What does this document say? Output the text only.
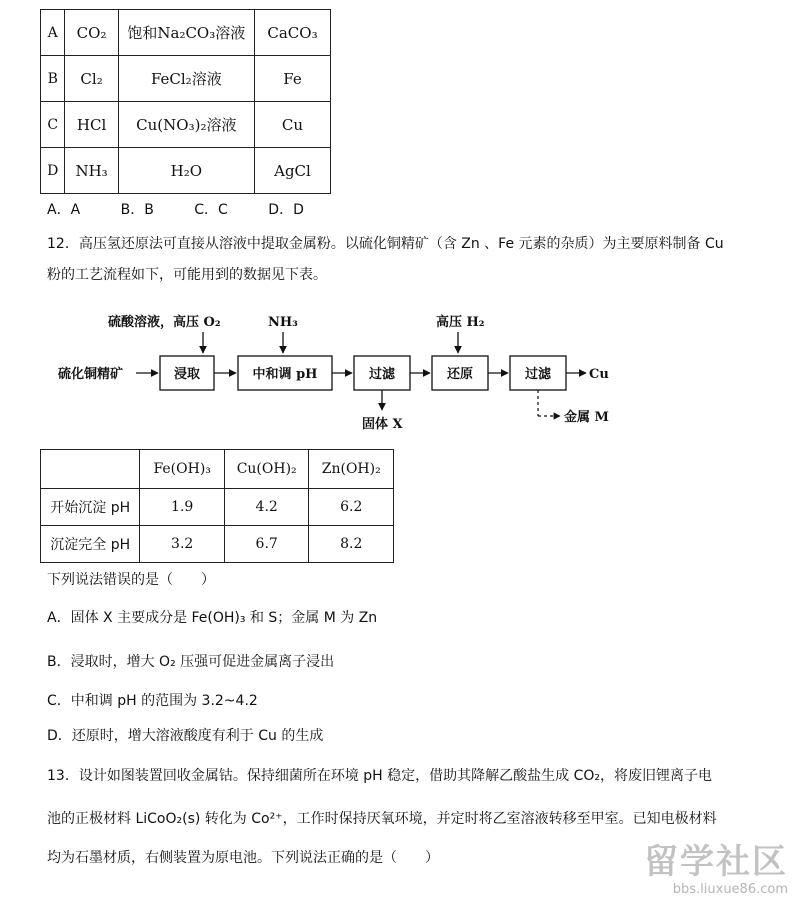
A	CO₂	饱和Na₂CO₃溶液	CaCO₃
B	Cl₂	FeCl₂溶液	Fe
C	HCl	Cu(NO₃)₂溶液	Cu
D	NH₃	H₂O	AgCl
A．A	B．B	C．C	D．D
12．高压氢还原法可直接从溶液中提取金属粉。以硫化铜精矿（含 Zn 、Fe 元素的杂质）为主要原料制备 Cu
粉的工艺流程如下，可能用到的数据见下表。
硫酸溶液，高压 O₂	NH₃	高压 H₂
硫化铜精矿	浸取	中和调 pH	过滤	还原	过滤	Cu
固体 X	金属 M
	Fe(OH)₃	Cu(OH)₂	Zn(OH)₂
开始沉淀 pH	1.9	4.2	6.2
沉淀完全 pH	3.2	6.7	8.2
下列说法错误的是（　　）
A．固体 X 主要成分是 Fe(OH)₃ 和 S；金属 M 为 Zn
B．浸取时，增大 O₂ 压强可促进金属离子浸出
C．中和调 pH 的范围为 3.2~4.2
D．还原时，增大溶液酸度有利于 Cu 的生成
13．设计如图装置回收金属钴。保持细菌所在环境 pH 稳定，借助其降解乙酸盐生成 CO₂，将废旧锂离子电
池的正极材料 LiCoO₂(s) 转化为 Co²⁺，工作时保持厌氧环境，并定时将乙室溶液转移至甲室。已知电极材料
均为石墨材质，右侧装置为原电池。下列说法正确的是（　　）	留学社区
bbs.liuxue86.com
